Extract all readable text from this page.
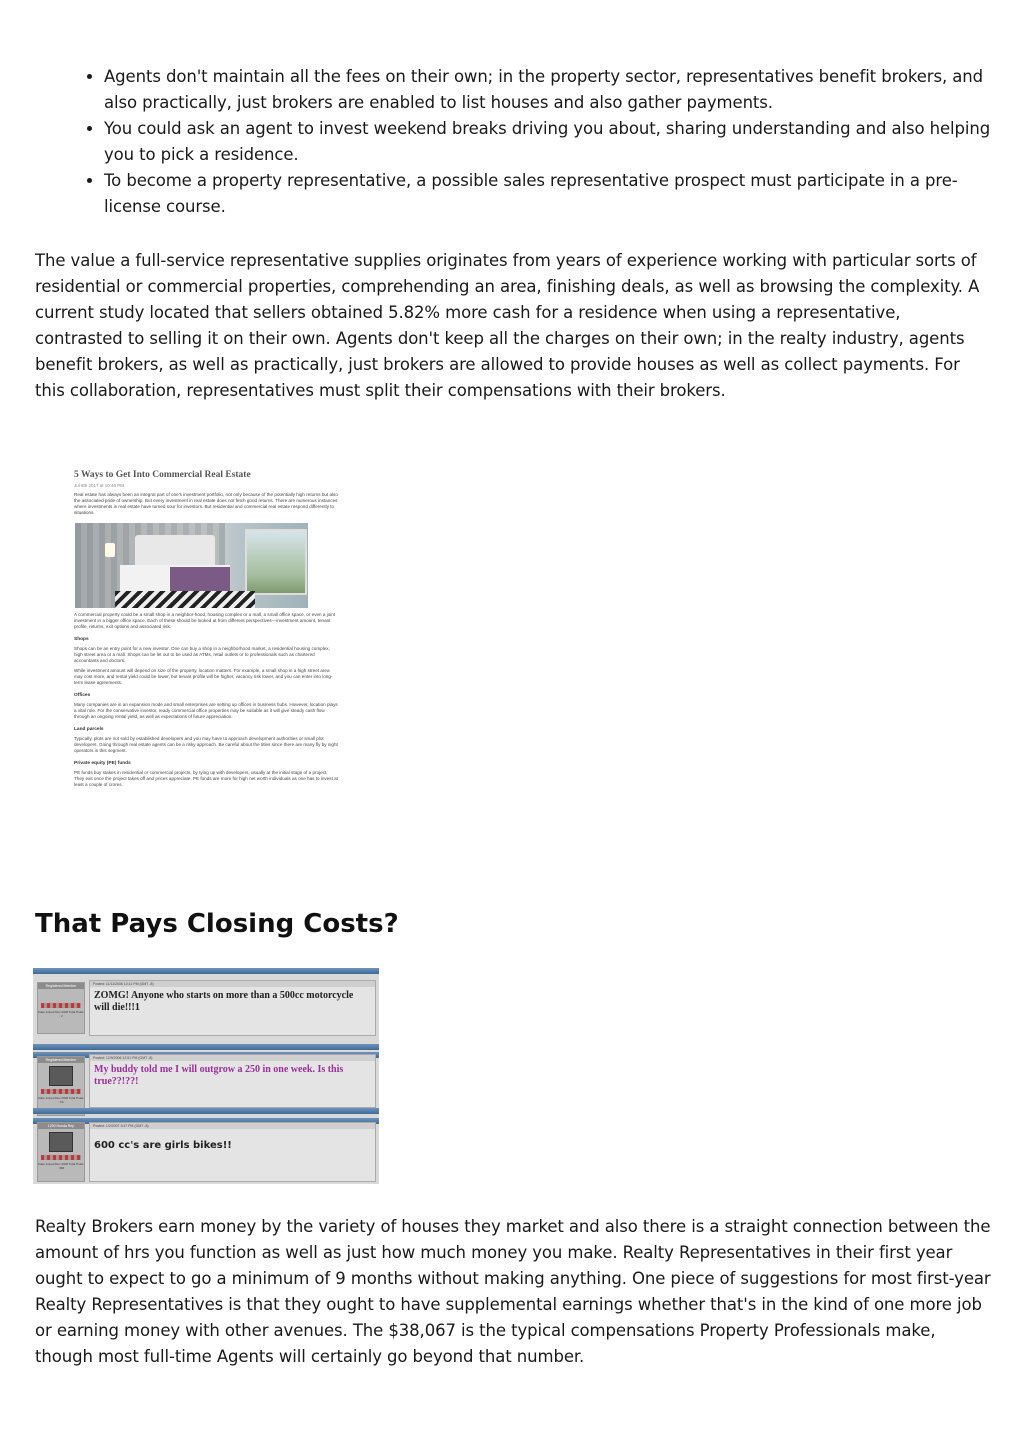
• Agents don't maintain all the fees on their own; in the property sector, representatives benefit brokers, and also practically, just brokers are enabled to list houses and also gather payments.
• You could ask an agent to invest weekend breaks driving you about, sharing understanding and also helping you to pick a residence.
• To become a property representative, a possible sales representative prospect must participate in a pre-license course.

The value a full-service representative supplies originates from years of experience working with particular sorts of residential or commercial properties, comprehending an area, finishing deals, as well as browsing the complexity. A current study located that sellers obtained 5.82% more cash for a residence when using a representative, contrasted to selling it on their own. Agents don't keep all the charges on their own; in the realty industry, agents benefit brokers, as well as practically, just brokers are allowed to provide houses as well as collect payments. For this collaboration, representatives must split their compensations with their brokers.

5 Ways to Get Into Commercial Real Estate
Jul 8th 2017 at 10:46 PM
Real estate has always been an integral part of one's investment portfolio, not only because of the potentially high returns but also the associated pride of ownership. But every investment in real estate does not fetch good returns. There are numerous instances where investments in real estate have turned sour for investors. But residential and commercial real estate respond differently to situations.
A commercial property could be a small shop in a neighbor-hood, housing complex or a mall, a small office space, or even a joint investment in a bigger office space. Each of these should be looked at from different perspectives—investment amount, tenant profile, returns, exit options and associated risk.
Shops
Shops can be an entry point for a new investor. One can buy a shop in a neighborhood market, a residential housing complex, high street area or a mall. Shops can be let out to be used as ATMs, retail outlets or to professionals such as chartered accountants and doctors.
While investment amount will depend on size of the property, location matters. For example, a small shop in a high street area may cost more, and rental yield could be lower, but tenant profile will be higher, vacancy risk lower, and you can enter into long-term lease agreements.
Offices
Many companies are in an expansion mode and small enterprises are setting up offices in business hubs. However, location plays a vital role. For the conservative investor, ready commercial office properties may be suitable as it will give steady cash flow through an ongoing rental yield, as well as expectations of future appreciation.
Land parcels
Typically, plots are not sold by established developers and you may have to approach development authorities or small plot developers. Going through real estate agents can be a risky approach. Be careful about the titles since there are many fly by night operators in this segment.
Private equity (PE) funds
PE funds buy stakes in residential or commercial projects, by tying up with developers, usually at the initial stage of a project. They exit once the project takes off and prices appreciate. PE funds are more for high net worth individuals as one has to invest at least a couple of crores.
That Pays Closing Costs?
Registered Member
Date Joined Nov 2006 Total Posts : 2
Posted: 11/11/2006 10:11 PM (GMT -8)
ZOMG! Anyone who starts on more than a 500cc motorcycle will die!!!1
Registered Member
Date Joined Dec 2006 Total Posts : 54
Posted: 12/9/2006 12:51 PM (GMT -8)
My buddy told me I will outgrow a 250 in one week. Is this true??!??!
1230 Honda Rep
Date Joined Dec 2006 Total Posts : 384
Posted: 1/2/2007 3:47 PM (GMT -8)
600 cc's are girls bikes!!

Realty Brokers earn money by the variety of houses they market and also there is a straight connection between the amount of hrs you function as well as just how much money you make. Realty Representatives in their first year ought to expect to go a minimum of 9 months without making anything. One piece of suggestions for most first-year Realty Representatives is that they ought to have supplemental earnings whether that's in the kind of one more job or earning money with other avenues. The $38,067 is the typical compensations Property Professionals make, though most full-time Agents will certainly go beyond that number.
